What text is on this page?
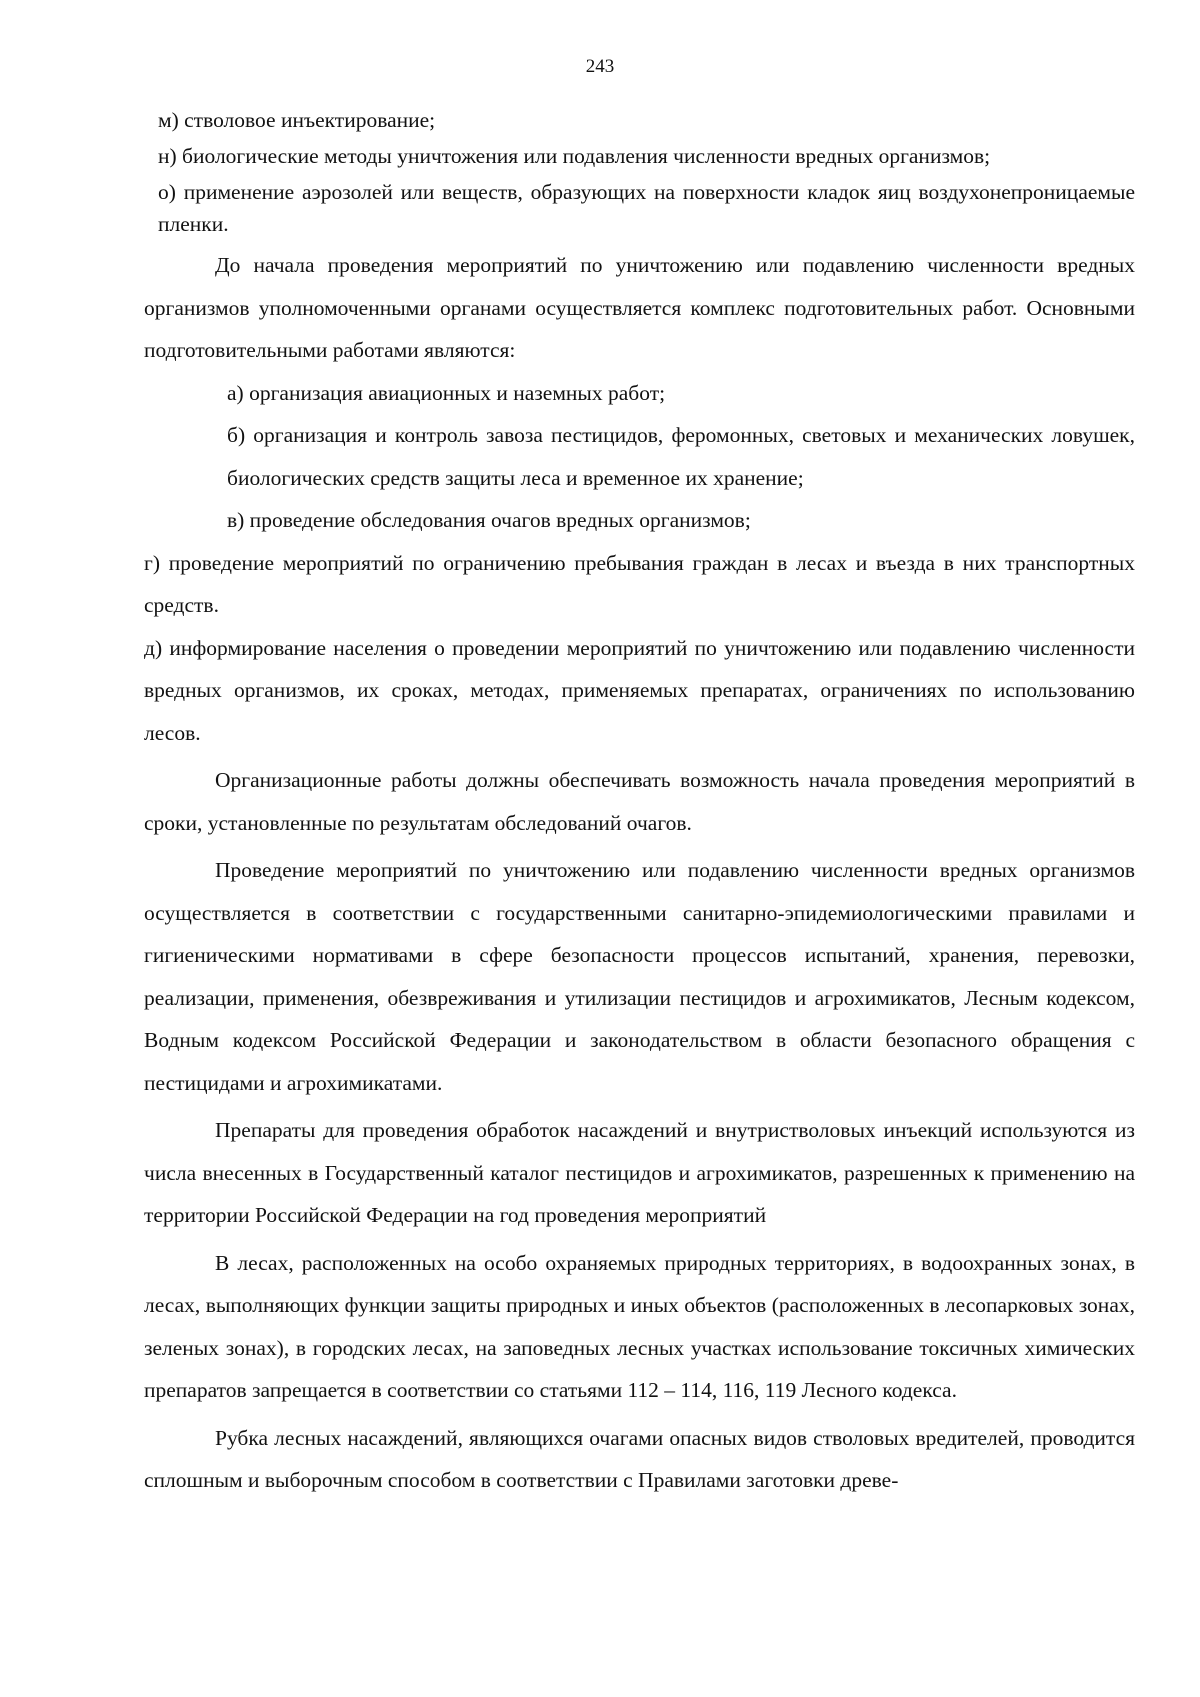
243

м) стволовое инъектирование;

н) биологические методы уничтожения или подавления численности вредных организмов;

о) применение аэрозолей или веществ, образующих на поверхности кладок яиц воздухонепроницаемые пленки.

До начала проведения мероприятий по уничтожению или подавлению численности вредных организмов уполномоченными органами осуществляется комплекс подготовительных работ. Основными подготовительными работами являются:

а) организация авиационных и наземных работ;

б) организация и контроль завоза пестицидов, феромонных, световых и механических ловушек, биологических средств защиты леса и временное их хранение;

в) проведение обследования очагов вредных организмов;

г) проведение мероприятий по ограничению пребывания граждан в лесах и въезда в них транспортных средств.

д) информирование населения о проведении мероприятий по уничтожению или подавлению численности вредных организмов, их сроках, методах, применяемых препаратах, ограничениях по использованию лесов.

Организационные работы должны обеспечивать возможность начала проведения мероприятий в сроки, установленные по результатам обследований очагов.

Проведение мероприятий по уничтожению или подавлению численности вредных организмов осуществляется в соответствии с государственными санитарно-эпидемиологическими правилами и гигиеническими нормативами в сфере безопасности процессов испытаний, хранения, перевозки, реализации, применения, обезвреживания и утилизации пестицидов и агрохимикатов, Лесным кодексом, Водным кодексом Российской Федерации и законодательством в области безопасного обращения с пестицидами и агрохимикатами.

Препараты для проведения обработок насаждений и внутристволовых инъекций используются из числа внесенных в Государственный каталог пестицидов и агрохимикатов, разрешенных к применению на территории Российской Федерации на год проведения мероприятий

В лесах, расположенных на особо охраняемых природных территориях, в водоохранных зонах, в лесах, выполняющих функции защиты природных и иных объектов (расположенных в лесопарковых зонах, зеленых зонах), в городских лесах, на заповедных лесных участках использование токсичных химических препаратов запрещается в соответствии со статьями 112 – 114, 116, 119 Лесного кодекса.

Рубка лесных насаждений, являющихся очагами опасных видов стволовых вредителей, проводится сплошным и выборочным способом в соответствии с Правилами заготовки древе-
